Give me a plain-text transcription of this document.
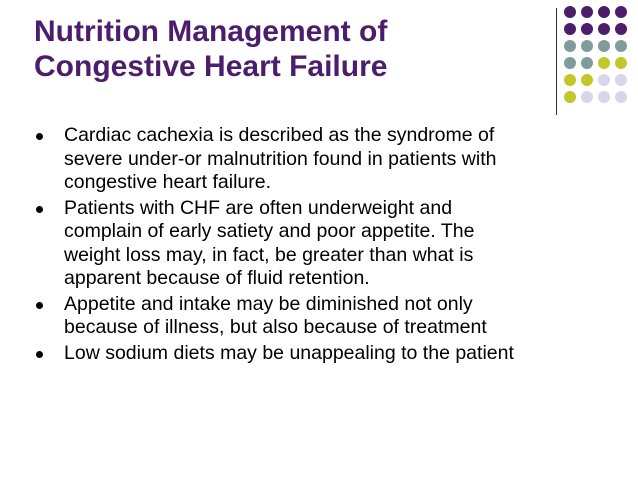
Nutrition Management of
Congestive Heart Failure
Cardiac cachexia is described as the syndrome of
severe under-or malnutrition found in patients with
congestive heart failure.
Patients with CHF are often underweight and
complain of early satiety and poor appetite. The
weight loss may, in fact, be greater than what is
apparent because of fluid retention.
Appetite and intake may be diminished not only
because of illness, but also because of treatment
Low sodium diets may be unappealing to the patient
